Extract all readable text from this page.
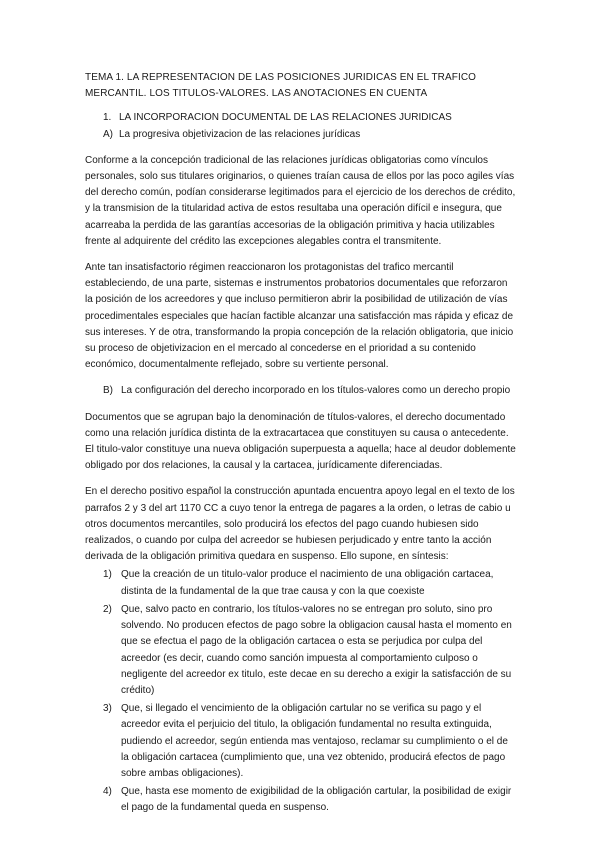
TEMA 1. LA REPRESENTACION DE LAS POSICIONES JURIDICAS EN EL TRAFICO MERCANTIL. LOS TITULOS-VALORES. LAS ANOTACIONES EN CUENTA

1. LA INCORPORACION DOCUMENTAL DE LAS RELACIONES JURIDICAS
A) La progresiva objetivizacion de las relaciones jurídicas

Conforme a la concepción tradicional de las relaciones jurídicas obligatorias como vínculos personales, solo sus titulares originarios, o quienes traían causa de ellos por las poco agiles vías del derecho común, podían considerarse legitimados para el ejercicio de los derechos de crédito, y la transmision de la titularidad activa de estos resultaba una operación difícil e insegura, que acarreaba la perdida de las garantías accesorias de la obligación primitiva y hacia utilizables frente al adquirente del crédito las excepciones alegables contra el transmitente.

Ante tan insatisfactorio régimen reaccionaron los protagonistas del trafico mercantil estableciendo, de una parte, sistemas e instrumentos probatorios documentales que reforzaron la posición de los acreedores y que incluso permitieron abrir la posibilidad de utilización de vías procedimentales especiales que hacían factible alcanzar una satisfacción mas rápida y eficaz de sus intereses. Y de otra, transformando la propia concepción de la relación obligatoria, que inicio su proceso de objetivizacion en el mercado al concederse en el prioridad a su contenido económico, documentalmente reflejado, sobre su vertiente personal.

B) La configuración del derecho incorporado en los títulos-valores como un derecho propio

Documentos que se agrupan bajo la denominación de títulos-valores, el derecho documentado como una relación jurídica distinta de la extracartacea que constituyen su causa o antecedente. El titulo-valor constituye una nueva obligación superpuesta a aquella; hace al deudor doblemente obligado por dos relaciones, la causal y la cartacea, jurídicamente diferenciadas.

En el derecho positivo español la construcción apuntada encuentra apoyo legal en el texto de los parrafos 2 y 3 del art 1170 CC a cuyo tenor la entrega de pagares a la orden, o letras de cabio u otros documentos mercantiles, solo producirá los efectos del pago cuando hubiesen sido realizados, o cuando por culpa del acreedor se hubiesen perjudicado y entre tanto la acción derivada de la obligación primitiva quedara en suspenso. Ello supone, en síntesis:

1) Que la creación de un titulo-valor produce el nacimiento de una obligación cartacea, distinta de la fundamental de la que trae causa y con la que coexiste
2) Que, salvo pacto en contrario, los títulos-valores no se entregan pro soluto, sino pro solvendo. No producen efectos de pago sobre la obligacion causal hasta el momento en que se efectua el pago de la obligación cartacea o esta se perjudica por culpa del acreedor (es decir, cuando como sanción impuesta al comportamiento culposo o negligente del acreedor ex titulo, este decae en su derecho a exigir la satisfacción de su crédito)
3) Que, si llegado el vencimiento de la obligación cartular no se verifica su pago y el acreedor evita el perjuicio del titulo, la obligación fundamental no resulta extinguida, pudiendo el acreedor, según entienda mas ventajoso, reclamar su cumplimiento o el de la obligación cartacea (cumplimiento que, una vez obtenido, producirá efectos de pago sobre ambas obligaciones).
4) Que, hasta ese momento de exigibilidad de la obligación cartular, la posibilidad de exigir el pago de la fundamental queda en suspenso.
